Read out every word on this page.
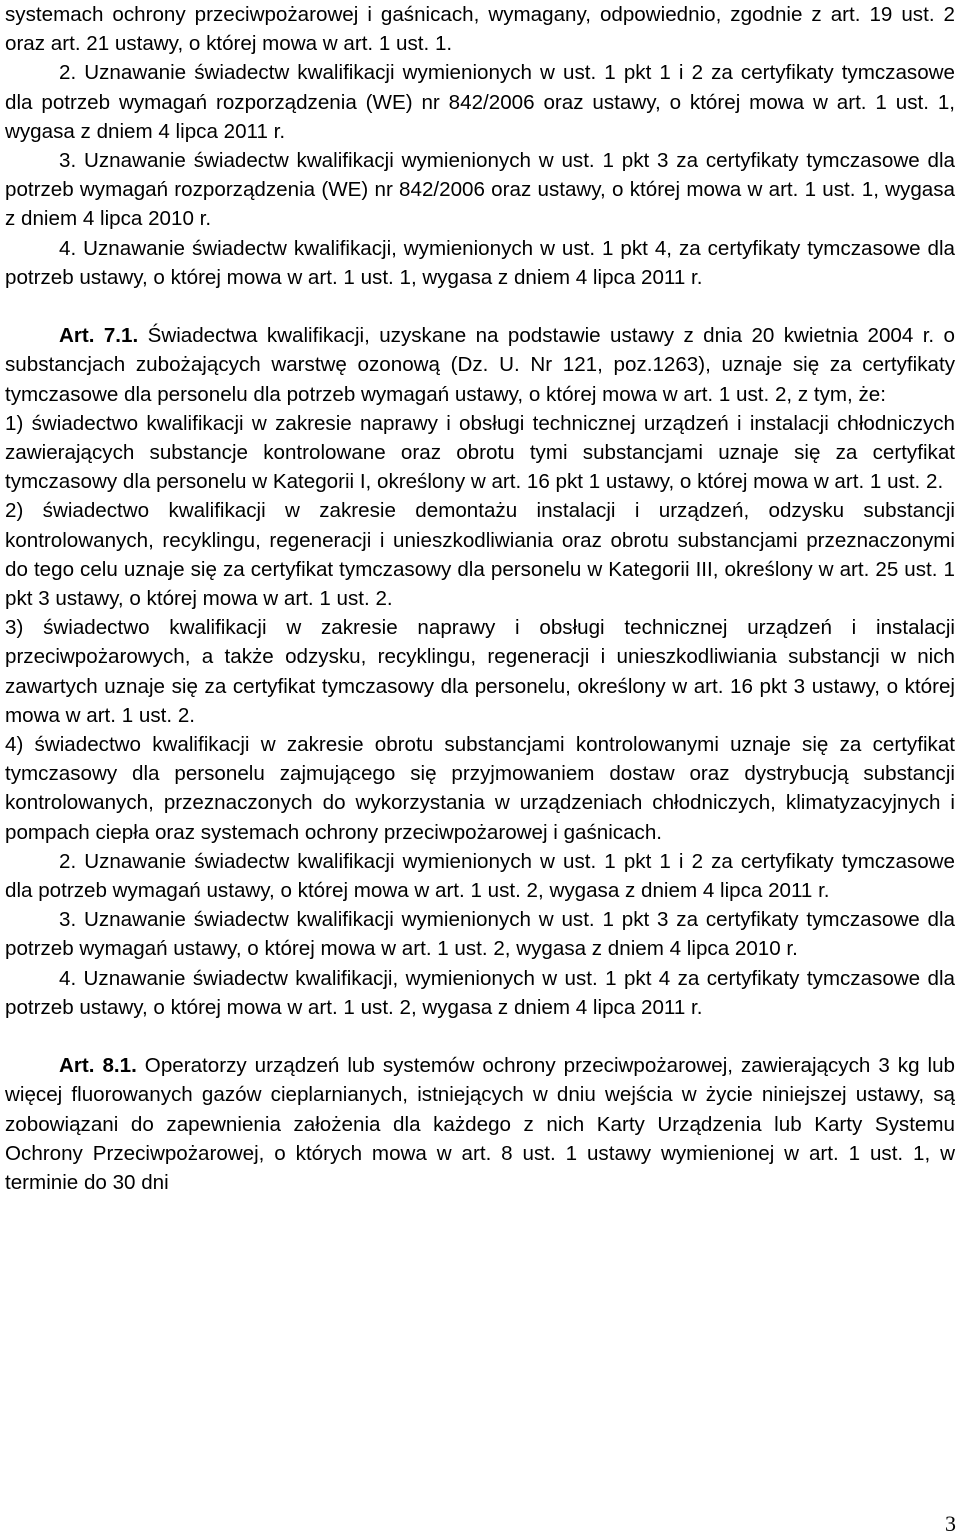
systemach ochrony przeciwpożarowej i gaśnicach, wymagany, odpowiednio, zgodnie z art. 19 ust. 2 oraz art. 21 ustawy, o której mowa w art. 1 ust. 1.

2. Uznawanie świadectw kwalifikacji wymienionych w ust. 1 pkt 1 i 2 za certyfikaty tymczasowe dla potrzeb wymagań rozporządzenia (WE) nr 842/2006 oraz ustawy, o której mowa w art. 1 ust. 1, wygasa z dniem 4 lipca 2011 r.

3. Uznawanie świadectw kwalifikacji wymienionych w ust. 1 pkt 3 za certyfikaty tymczasowe dla potrzeb wymagań rozporządzenia (WE) nr 842/2006 oraz ustawy, o której mowa w art. 1 ust. 1, wygasa z dniem 4 lipca 2010 r.

4. Uznawanie świadectw kwalifikacji, wymienionych w ust. 1 pkt 4, za certyfikaty tymczasowe dla potrzeb ustawy, o której mowa w art. 1 ust. 1, wygasa z dniem 4 lipca 2011 r.

Art. 7.1. Świadectwa kwalifikacji, uzyskane na podstawie ustawy z dnia 20 kwietnia 2004 r. o substancjach zubożających warstwę ozonową (Dz. U. Nr 121, poz.1263), uznaje się za certyfikaty tymczasowe dla personelu dla potrzeb wymagań ustawy, o której mowa w art. 1 ust. 2, z tym, że:

1) świadectwo kwalifikacji w zakresie naprawy i obsługi technicznej urządzeń i instalacji chłodniczych zawierających substancje kontrolowane oraz obrotu tymi substancjami uznaje się za certyfikat tymczasowy dla personelu w Kategorii I, określony w art. 16 pkt 1 ustawy, o której mowa w art. 1 ust. 2.

2) świadectwo kwalifikacji w zakresie demontażu instalacji i urządzeń, odzysku substancji kontrolowanych, recyklingu, regeneracji i unieszkodliwiania oraz obrotu substancjami przeznaczonymi do tego celu uznaje się za certyfikat tymczasowy dla personelu w Kategorii III, określony w art. 25 ust. 1 pkt 3 ustawy, o której mowa w art. 1 ust. 2.

3) świadectwo kwalifikacji w zakresie naprawy i obsługi technicznej urządzeń i instalacji przeciwpożarowych, a także odzysku, recyklingu, regeneracji i unieszkodliwiania substancji w nich zawartych uznaje się za certyfikat tymczasowy dla personelu, określony w art. 16 pkt 3 ustawy, o której mowa w art. 1 ust. 2.

4) świadectwo kwalifikacji w zakresie obrotu substancjami kontrolowanymi uznaje się za certyfikat tymczasowy dla personelu zajmującego się przyjmowaniem dostaw oraz dystrybucją substancji kontrolowanych, przeznaczonych do wykorzystania w urządzeniach chłodniczych, klimatyzacyjnych i pompach ciepła oraz systemach ochrony przeciwpożarowej i gaśnicach.

2. Uznawanie świadectw kwalifikacji wymienionych w ust. 1 pkt 1 i 2 za certyfikaty tymczasowe dla potrzeb wymagań ustawy, o której mowa w art. 1 ust. 2, wygasa z dniem 4 lipca 2011 r.

3. Uznawanie świadectw kwalifikacji wymienionych w ust. 1 pkt 3 za certyfikaty tymczasowe dla potrzeb wymagań ustawy, o której mowa w art. 1 ust. 2, wygasa z dniem 4 lipca 2010 r.

4. Uznawanie świadectw kwalifikacji, wymienionych w ust. 1 pkt 4 za certyfikaty tymczasowe dla potrzeb ustawy, o której mowa w art. 1 ust. 2, wygasa z dniem 4 lipca 2011 r.

Art. 8.1. Operatorzy urządzeń lub systemów ochrony przeciwpożarowej, zawierających 3 kg lub więcej fluorowanych gazów cieplarnianych, istniejących w dniu wejścia w życie niniejszej ustawy, są zobowiązani do zapewnienia założenia dla każdego z nich Karty Urządzenia lub Karty Systemu Ochrony Przeciwpożarowej, o których mowa w art. 8 ust. 1 ustawy wymienionej w art. 1 ust. 1, w terminie do 30 dni

3
